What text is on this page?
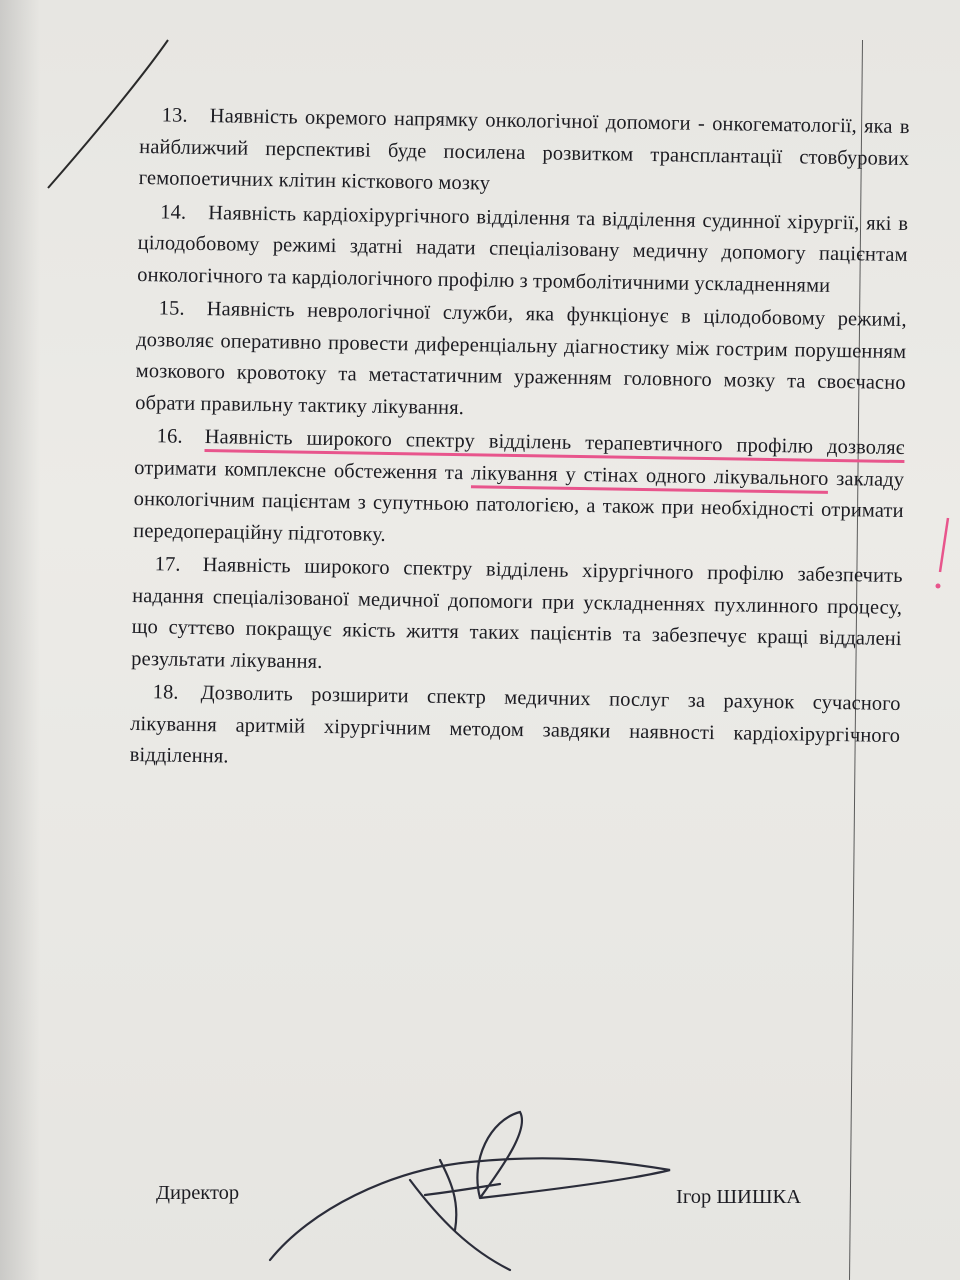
13. Наявність окремого напрямку онкологічної допомоги - онкогематології, яка в найближчий перспективі буде посилена розвитком трансплантації стовбурових гемопоетичних клітин кісткового мозку
14. Наявність кардіохірургічного відділення та відділення судинної хірургії, які в цілодобовому режимі здатні надати спеціалізовану медичну допомогу пацієнтам онкологічного та кардіологічного профілю з тромболітичними ускладненнями
15. Наявність неврологічної служби, яка функціонує в цілодобовому режимі, дозволяє оперативно провести диференціальну діагностику між гострим порушенням мозкового кровотоку та метастатичним ураженням головного мозку та своєчасно обрати правильну тактику лікування.
16. Наявність широкого спектру відділень терапевтичного профілю дозволяє отримати комплексне обстеження та лікування у стінах одного лікувального закладу онкологічним пацієнтам з супутньою патологією, а також при необхідності отримати передопераційну підготовку.
17. Наявність широкого спектру відділень хірургічного профілю забезпечить надання спеціалізованої медичної допомоги при ускладненнях пухлинного процесу, що суттєво покращує якість життя таких пацієнтів та забезпечує кращі віддалені результати лікування.
18. Дозволить розширити спектр медичних послуг за рахунок сучасного лікування аритмій хірургічним методом завдяки наявності кардіохірургічного відділення.
Директор	Ігор ШИШКА
